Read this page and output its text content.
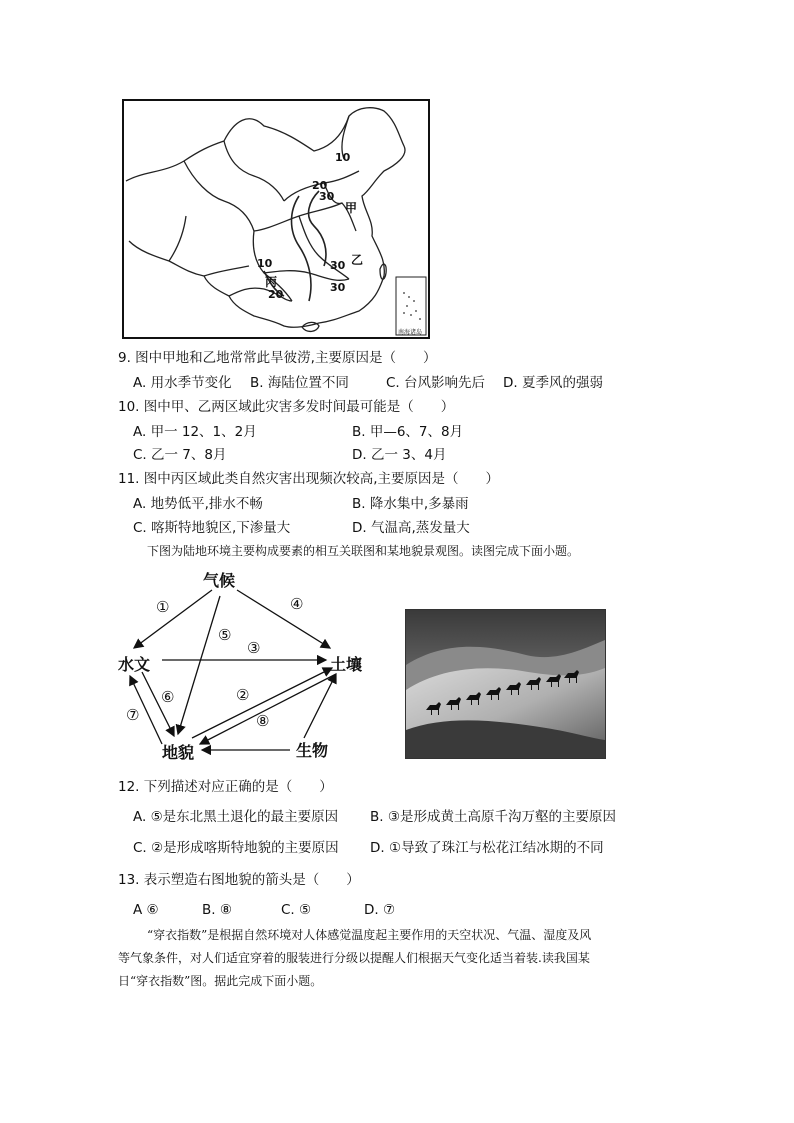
10
20
30
甲
10
丙
20
30 乙
30
南海诸岛
9. 图中甲地和乙地常常此旱彼涝,主要原因是（　　）
A. 用水季节变化 B. 海陆位置不同	C. 台风影响先后 D. 夏季风的强弱
10. 图中甲、乙两区域此灾害多发时间最可能是（　　）
A. 甲一 12、1、2月	B. 甲—6、7、8月
C. 乙一 7、8月	D. 乙一 3、4月
11. 图中丙区域此类自然灾害出现频次较高,主要原因是（　　）
A. 地势低平,排水不畅	B. 降水集中,多暴雨
C. 喀斯特地貌区,下渗量大	D. 气温高,蒸发量大
下图为陆地环境主要构成要素的相互关联图和某地貌景观图。读图完成下面小题。
气候
水文	土壤
地貌	生物
①	④
⑤
③
⑥	②
⑦	⑧
12. 下列描述对应正确的是（　　）
A. ⑤是东北黑土退化的最主要原因 B. ③是形成黄土高原千沟万壑的主要原因
C. ②是形成喀斯特地貌的主要原因 D. ①导致了珠江与松花江结冰期的不同
13. 表示塑造右图地貌的箭头是（　　）
A ⑥	B. ⑧	C. ⑤	D. ⑦
“穿衣指数”是根据自然环境对人体感觉温度起主要作用的天空状况、气温、湿度及风
等气象条件，对人们适宜穿着的服装进行分级以提醒人们根据天气变化适当着装.读我国某
日“穿衣指数”图。据此完成下面小题。
